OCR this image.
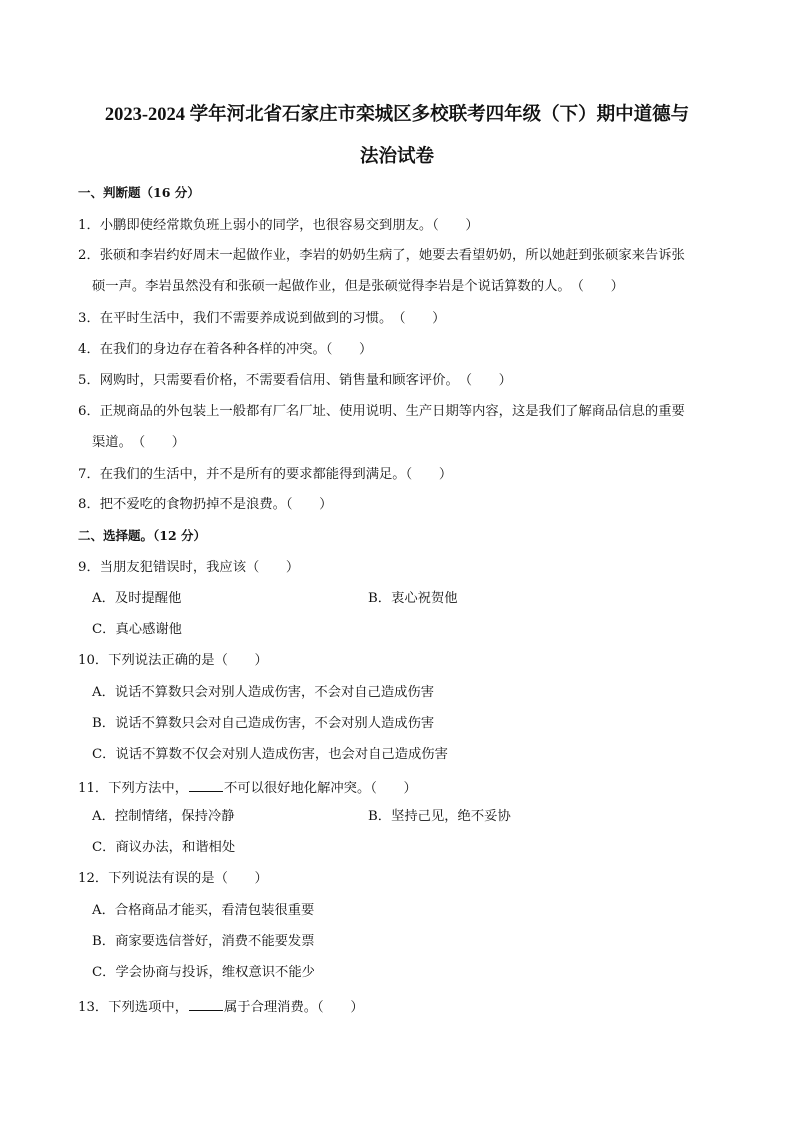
2023-2024 学年河北省石家庄市栾城区多校联考四年级（下）期中道德与
法治试卷
一、判断题（16 分）
1．小鹏即使经常欺负班上弱小的同学，也很容易交到朋友。（　　）
2．张硕和李岩约好周末一起做作业，李岩的奶奶生病了，她要去看望奶奶，所以她赶到张硕家来告诉张
硕一声。李岩虽然没有和张硕一起做作业，但是张硕觉得李岩是个说话算数的人。　（　　）
3．在平时生活中，我们不需要养成说到做到的习惯。　（　　）
4．在我们的身边存在着各种各样的冲突。（　　）
5．网购时，只需要看价格，不需要看信用、销售量和顾客评价。　（　　）
6．正规商品的外包装上一般都有厂名厂址、使用说明、生产日期等内容，这是我们了解商品信息的重要
渠道。　（　　）
7．在我们的生活中，并不是所有的要求都能得到满足。（　　）
8．把不爱吃的食物扔掉不是浪费。（　　）
二、选择题。（12 分）
9．当朋友犯错误时，我应该（　　）
A．及时提醒他	B．衷心祝贺他
C．真心感谢他
10．下列说法正确的是（　　）
A．说话不算数只会对别人造成伤害，不会对自己造成伤害
B．说话不算数只会对自己造成伤害，不会对别人造成伤害
C．说话不算数不仅会对别人造成伤害，也会对自己造成伤害
11．下列方法中，	不可以很好地化解冲突。（　　）
A．控制情绪，保持冷静	B．坚持己见，绝不妥协
C．商议办法，和谐相处
12．下列说法有误的是（　　）
A．合格商品才能买，看清包装很重要
B．商家要选信誉好，消费不能要发票
C．学会协商与投诉，维权意识不能少
13．下列选项中，	属于合理消费。（　　）
